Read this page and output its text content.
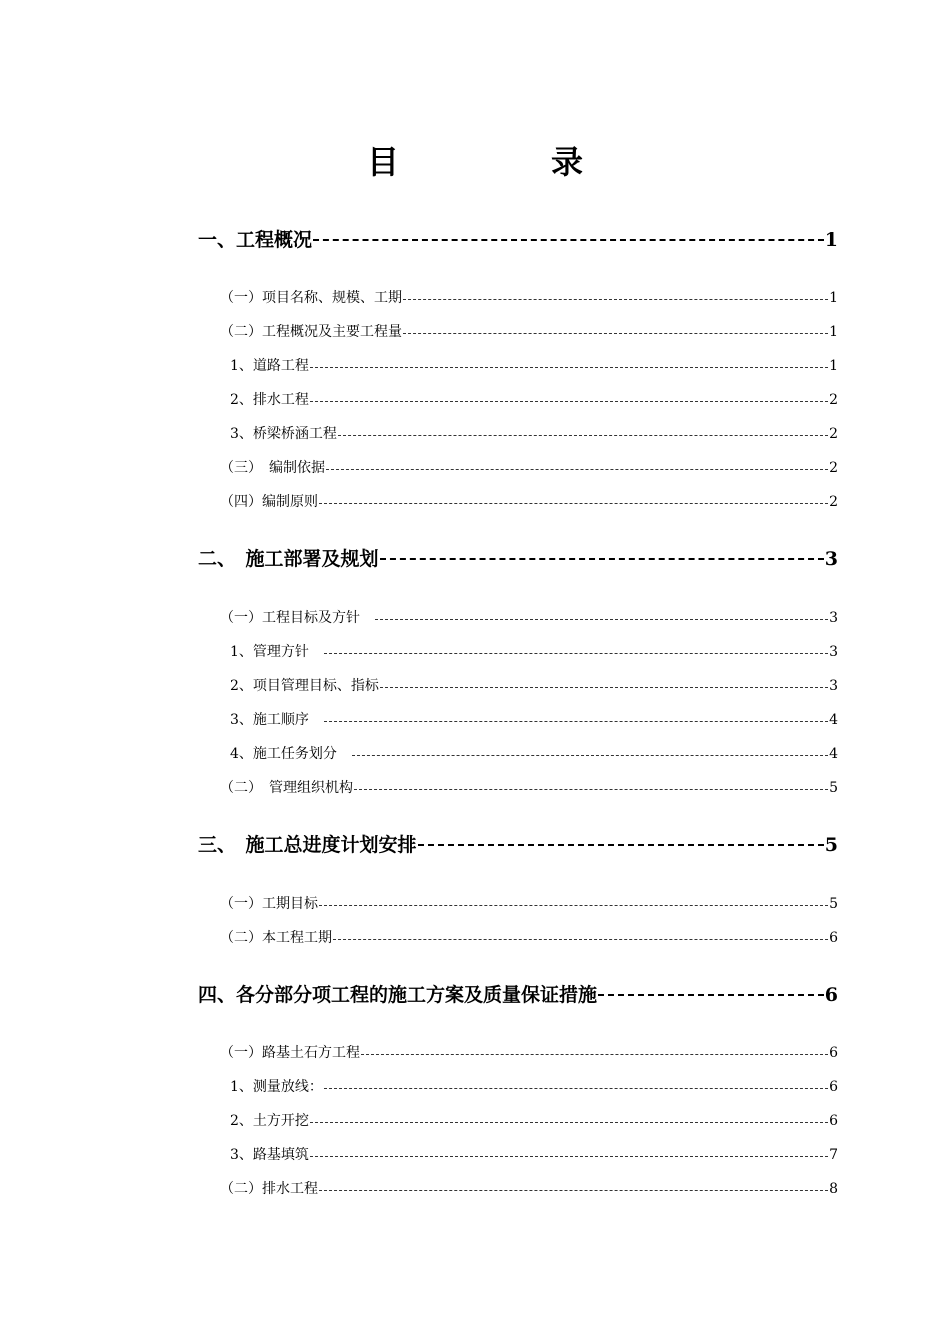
目　录
一、工程概况	1
（一）项目名称、规模、工期	1
（二）工程概况及主要工程量	1
1、道路工程	1
2、排水工程	2
3、桥梁桥涵工程	2
（三）　编制依据	2
（四）编制原则	2
二、　施工部署及规划	3
（一）工程目标及方针　	3
1、管理方针　	3
2、项目管理目标、指标	3
3、施工顺序　	4
4、施工任务划分　	4
（二）　管理组织机构	5
三、　施工总进度计划安排	5
（一）工期目标	5
（二）本工程工期	6
四、各分部分项工程的施工方案及质量保证措施	6
（一）路基土石方工程	6
1、测量放线：	6
2、土方开挖	6
3、路基填筑	7
（二）排水工程	8
